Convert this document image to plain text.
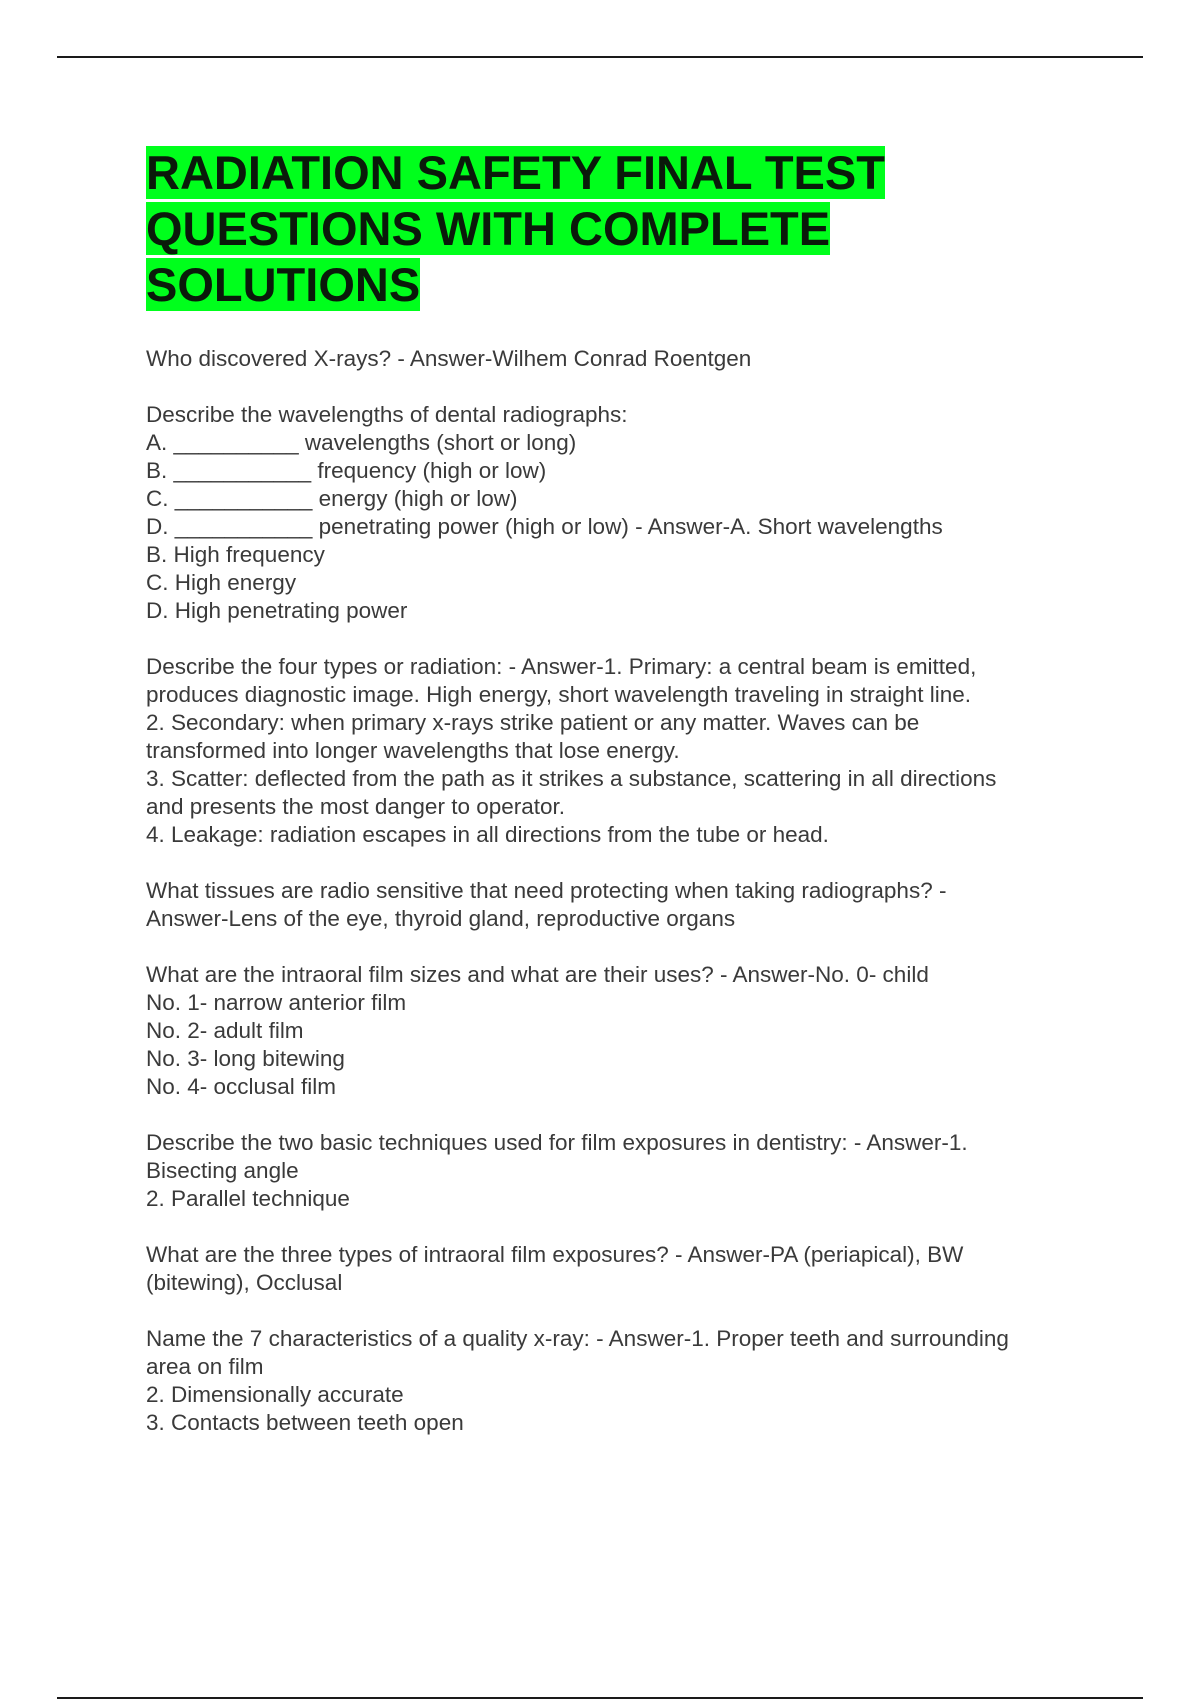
RADIATION SAFETY FINAL TEST
QUESTIONS WITH COMPLETE
SOLUTIONS
Who discovered X-rays? - Answer-Wilhem Conrad Roentgen
Describe the wavelengths of dental radiographs:
A. __________ wavelengths (short or long)
B. ___________ frequency (high or low)
C. ___________ energy (high or low)
D. ___________ penetrating power (high or low) - Answer-A. Short wavelengths
B. High frequency
C. High energy
D. High penetrating power
Describe the four types or radiation: - Answer-1. Primary: a central beam is emitted,
produces diagnostic image. High energy, short wavelength traveling in straight line.
2. Secondary: when primary x-rays strike patient or any matter. Waves can be
transformed into longer wavelengths that lose energy.
3. Scatter: deflected from the path as it strikes a substance, scattering in all directions
and presents the most danger to operator.
4. Leakage: radiation escapes in all directions from the tube or head.
What tissues are radio sensitive that need protecting when taking radiographs? -
Answer-Lens of the eye, thyroid gland, reproductive organs
What are the intraoral film sizes and what are their uses? - Answer-No. 0- child
No. 1- narrow anterior film
No. 2- adult film
No. 3- long bitewing
No. 4- occlusal film
Describe the two basic techniques used for film exposures in dentistry: - Answer-1.
Bisecting angle
2. Parallel technique
What are the three types of intraoral film exposures? - Answer-PA (periapical), BW
(bitewing), Occlusal
Name the 7 characteristics of a quality x-ray: - Answer-1. Proper teeth and surrounding
area on film
2. Dimensionally accurate
3. Contacts between teeth open
